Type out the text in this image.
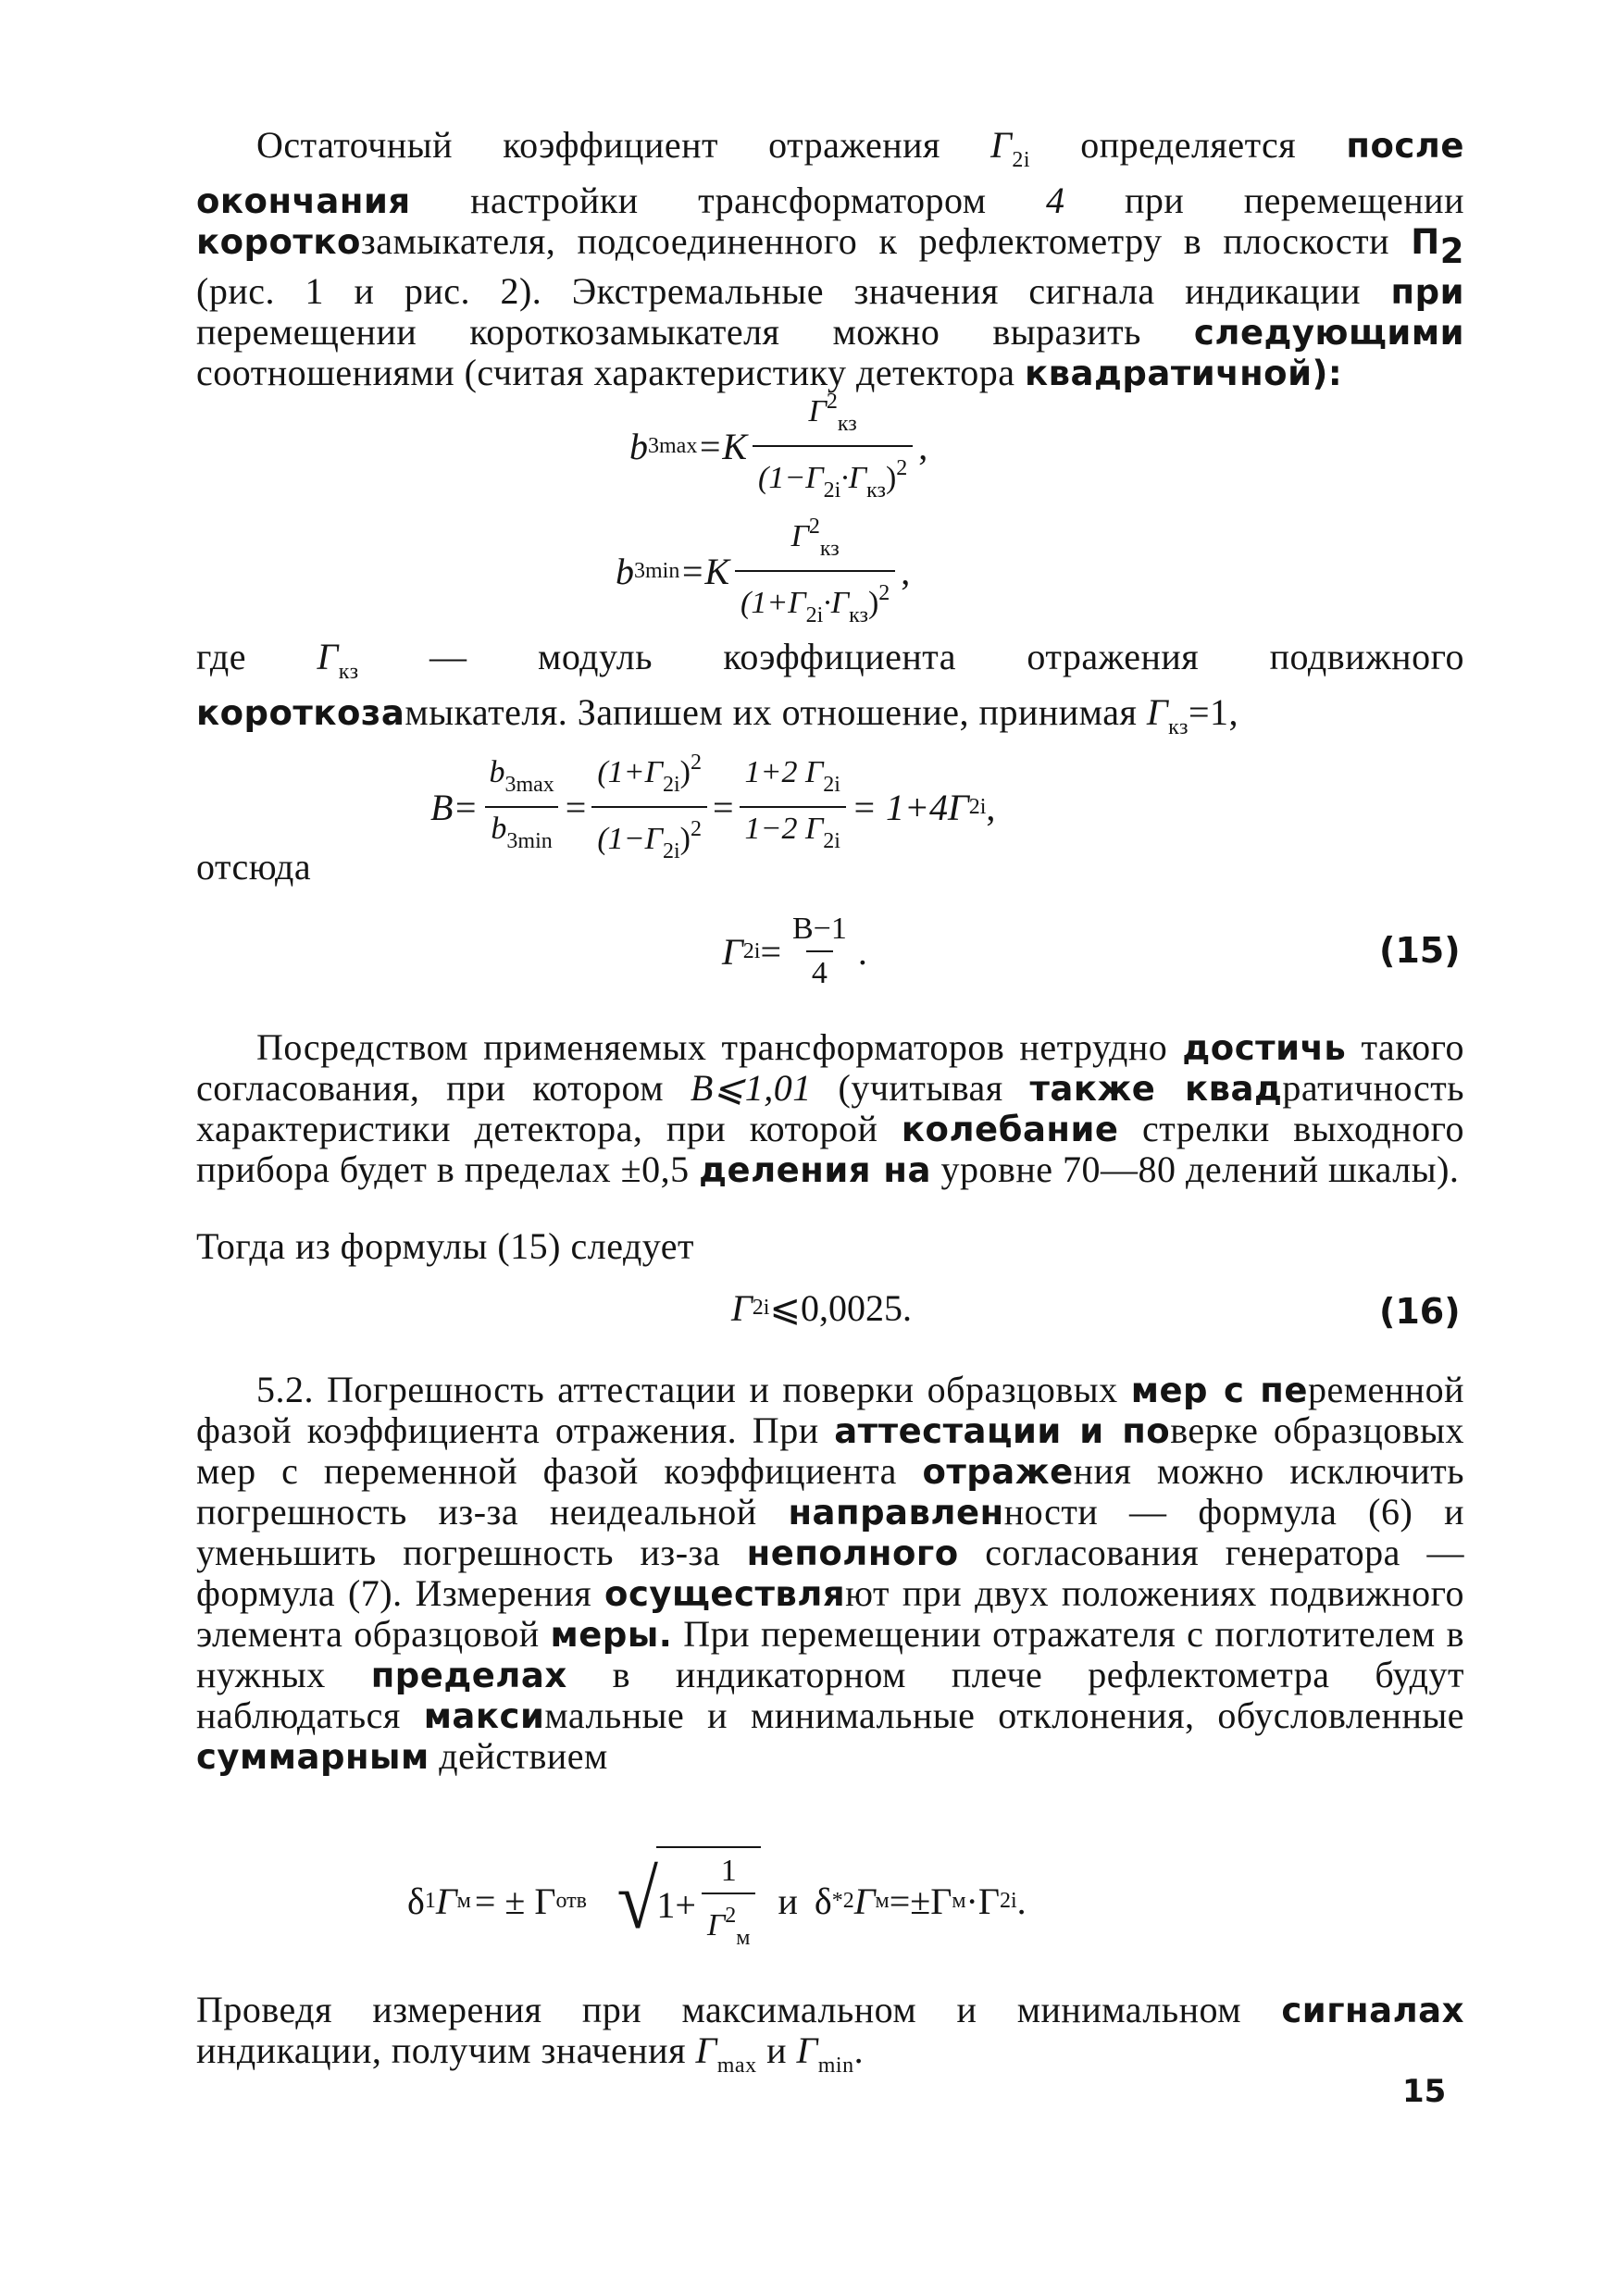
Остаточный коэффициент отражения $Г_{2i}$ определяется после окончания настройки трансформатором 4 при перемещении короткозамыкателя, подсоединенного к рефлектометру в плоскости П2 (рис. 1 и рис. 2). Экстремальные значения сигнала индикации при перемещении короткозамыкателя можно выразить следующими соотношениями (считая характеристику детектора квадратичной):
b $3\max =K \frac{Г^2_{кз}}{(1-Г_{2i}\cdot Г_{кз})^2}$ ,
b $3\min =K \frac{Г^2_{кз}}{(1+Г_{2i}\cdot Г_{кз})^2}$ ,
где $Г_{кз}$ — модуль коэффициента отражения подвижного короткозамыкателя. Запишем их отношение, принимая $Г_{кз}=1$,
$B= \frac{b_{3max}}{b_{3min}} = \frac{(1+Г_{2i})^2}{(1-Г_{2i})^2} = \frac{1+2 Г_{2i}}{1-2 Г_{2i}} = 1+4Г$ 2i ,
отсюда
Г $2i = \frac{B-1}{4}$ .	(15)
Посредством применяемых трансформаторов нетрудно достичь такого согласования, при котором B⩽1,01 (учитывая также квадратичность характеристики детектора, при которой колебание стрелки выходного прибора будет в пределах ±0,5 деления на уровне 70—80 делений шкалы).
Тогда из формулы (15) следует
Г 2i ⩽0,0025.	(16)
5.2. Погрешность аттестации и поверки образцовых мер с переменной фазой коэффициента отражения. При аттестации и поверке образцовых мер с переменной фазой коэффициента отражения можно исключить погрешность из-за неидеальной направленности — формула (6) и уменьшить погрешность из-за неполного согласования генератора — формула (7). Измерения осуществляют при двух положениях подвижного элемента образцовой меры. При перемещении отражателя с поглотителем в нужных пределах в индикаторном плече рефлектометра будут наблюдаться максимальные и минимальные отклонения, обусловленные суммарным действием
δ 1 Г м = ± Г отв √
$1+ \frac{1}{Г^2_м}$ и δ * 2 Г м =±Г м ·Г 2i .
Проведя измерения при максимальном и минимальном сигналах индикации, получим значения $Г_{max}$ и $Г_{min}$.
15
